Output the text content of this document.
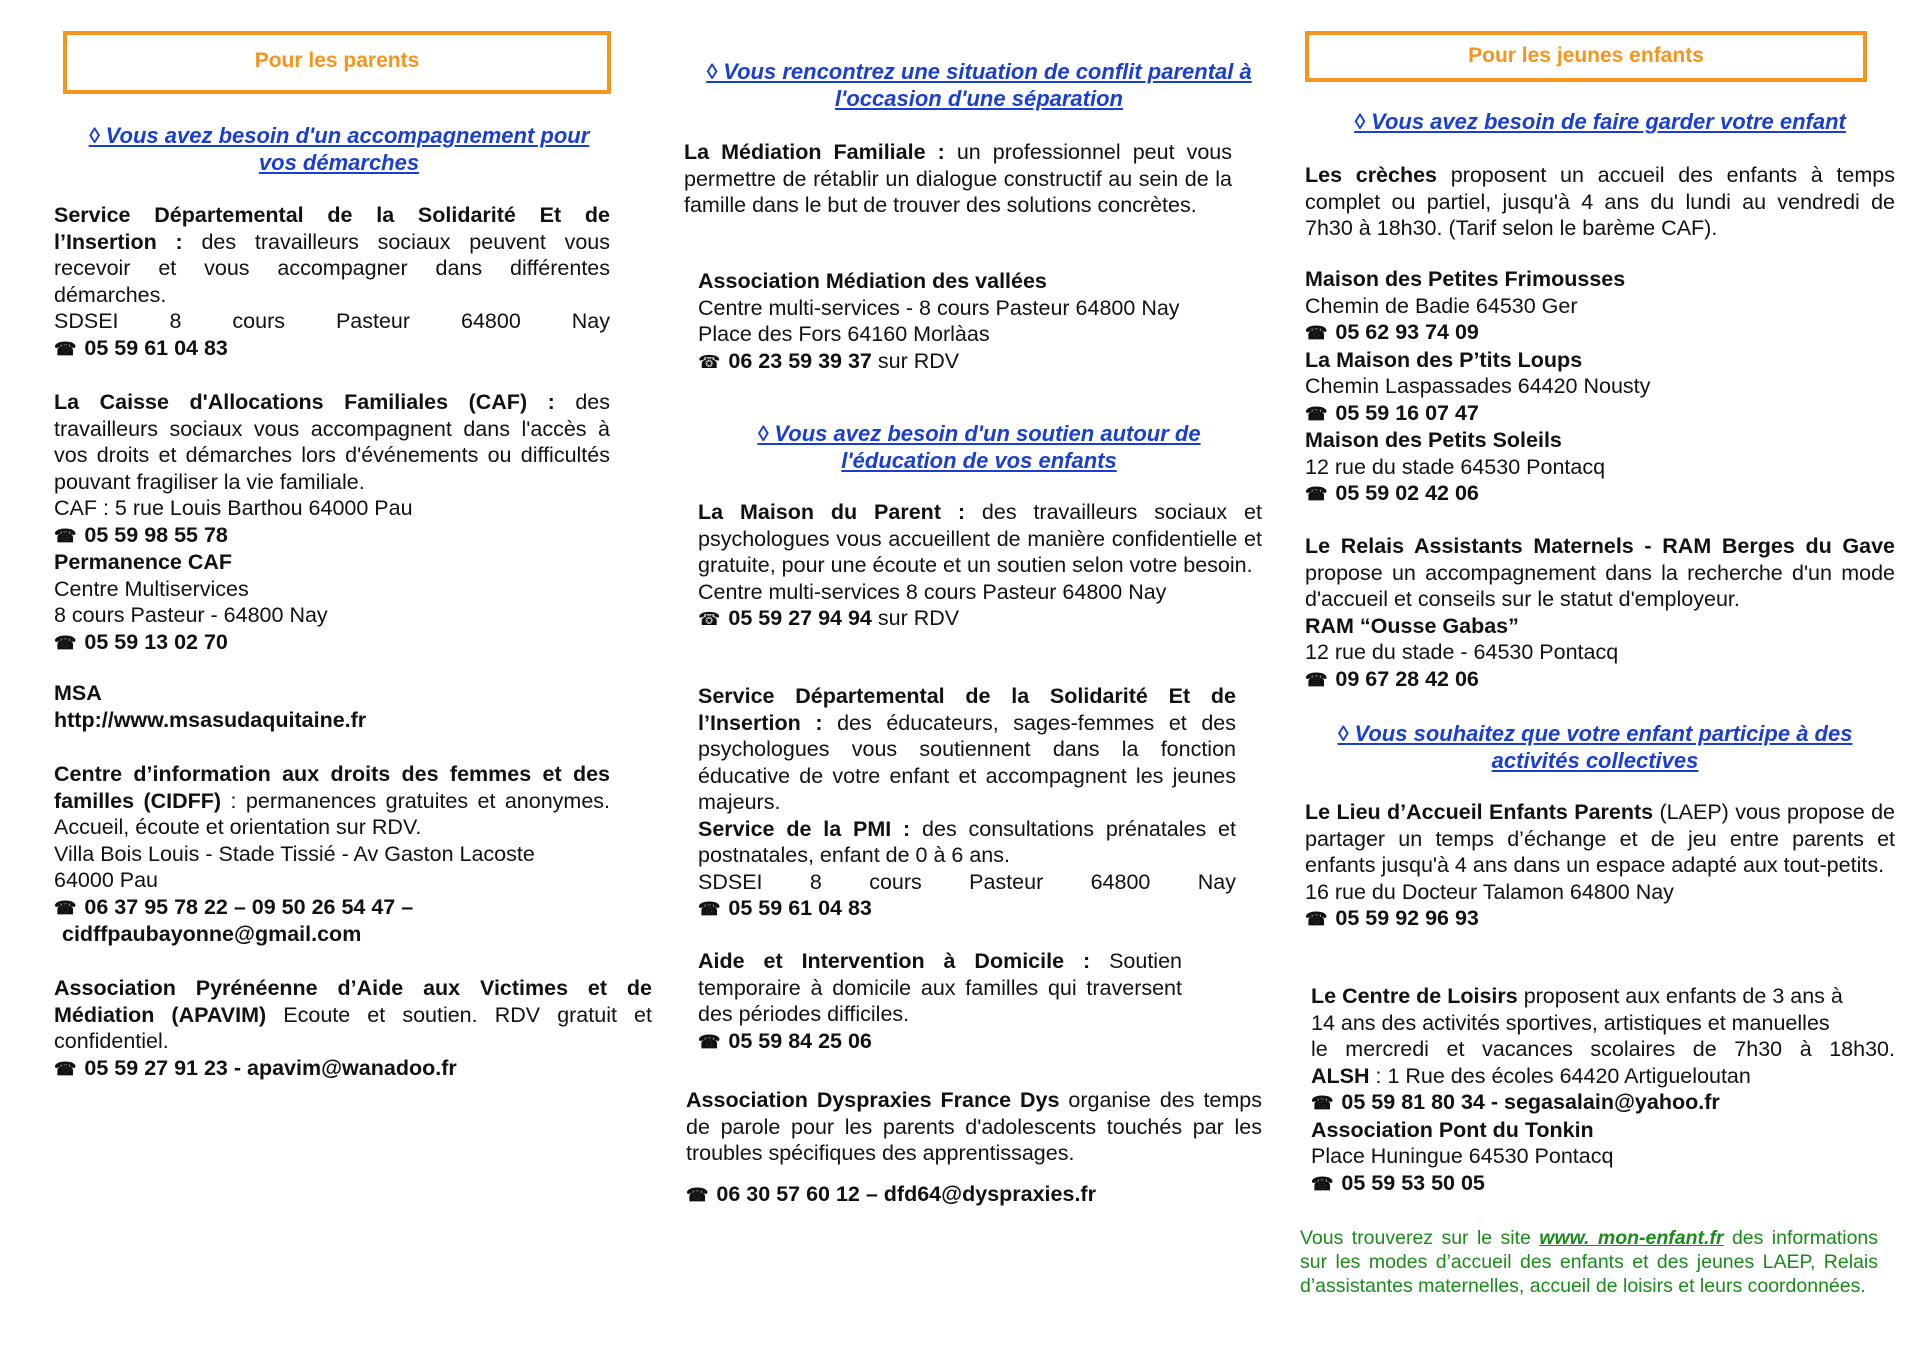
Pour les parents
◊ Vous avez besoin d'un accompagnement pour
vos démarches
Service Départemental de la Solidarité Et de l’Insertion : des travailleurs sociaux peuvent vous recevoir et vous accompagner dans différentes démarches.
SDSEI 8 cours Pasteur 64800 Nay
☎ 05 59 61 04 83
La Caisse d'Allocations Familiales (CAF) : des travailleurs sociaux vous accompagnent dans l'accès à vos droits et démarches lors d'événements ou difficultés pouvant fragiliser la vie familiale.
CAF : 5 rue Louis Barthou 64000 Pau
☎ 05 59 98 55 78
Permanence CAF
Centre Multiservices
8 cours Pasteur - 64800 Nay
☎ 05 59 13 02 70
MSA
http://www.msasudaquitaine.fr
Centre d’information aux droits des femmes et des familles (CIDFF) : permanences gratuites et anonymes. Accueil, écoute et orientation sur RDV.
Villa Bois Louis - Stade Tissié - Av Gaston Lacoste
64000 Pau
☎ 06 37 95 78 22 – 09 50 26 54 47 –
cidffpaubayonne@gmail.com
Association Pyrénéenne d’Aide aux Victimes et de Médiation (APAVIM) Ecoute et soutien. RDV gratuit et confidentiel.
☎ 05 59 27 91 23 - apavim@wanadoo.fr
◊ Vous rencontrez une situation de conflit parental à
l'occasion d'une séparation
La Médiation Familiale : un professionnel peut vous permettre de rétablir un dialogue constructif au sein de la famille dans le but de trouver des solutions concrètes.
Association Médiation des vallées
Centre multi-services - 8 cours Pasteur 64800 Nay
Place des Fors 64160 Morlàas
☎ 06 23 59 39 37 sur RDV
◊ Vous avez besoin d'un soutien autour de
l'éducation de vos enfants
La Maison du Parent : des travailleurs sociaux et psychologues vous accueillent de manière confidentielle et gratuite, pour une écoute et un soutien selon votre besoin.
Centre multi-services 8 cours Pasteur 64800 Nay
☎ 05 59 27 94 94 sur RDV
Service Départemental de la Solidarité Et de l’Insertion : des éducateurs, sages-femmes et des psychologues vous soutiennent dans la fonction éducative de votre enfant et accompagnent les jeunes majeurs.
Service de la PMI : des consultations prénatales et postnatales, enfant de 0 à 6 ans.
SDSEI 8 cours Pasteur 64800 Nay
☎ 05 59 61 04 83
Aide et Intervention à Domicile : Soutien temporaire à domicile aux familles qui traversent des périodes difficiles.
☎ 05 59 84 25 06
Association Dyspraxies France Dys organise des temps de parole pour les parents d'adolescents touchés par les troubles spécifiques des apprentissages.
☎ 06 30 57 60 12 – dfd64@dyspraxies.fr
Pour les jeunes enfants
◊ Vous avez besoin de faire garder votre enfant
Les crèches proposent un accueil des enfants à temps complet ou partiel, jusqu'à 4 ans du lundi au vendredi de 7h30 à 18h30. (Tarif selon le barème CAF).
Maison des Petites Frimousses
Chemin de Badie 64530 Ger
☎ 05 62 93 74 09
La Maison des P’tits Loups
Chemin Laspassades 64420 Nousty
☎ 05 59 16 07 47
Maison des Petits Soleils
12 rue du stade 64530 Pontacq
☎ 05 59 02 42 06
Le Relais Assistants Maternels - RAM Berges du Gave propose un accompagnement dans la recherche d'un mode d'accueil et conseils sur le statut d'employeur.
RAM “Ousse Gabas”
12 rue du stade - 64530 Pontacq
☎ 09 67 28 42 06
◊ Vous souhaitez que votre enfant participe à des
activités collectives
Le Lieu d’Accueil Enfants Parents (LAEP) vous propose de partager un temps d’échange et de jeu entre parents et enfants jusqu'à 4 ans dans un espace adapté aux tout-petits.
16 rue du Docteur Talamon 64800 Nay
☎ 05 59 92 96 93
Le Centre de Loisirs proposent aux enfants de 3 ans à
14 ans des activités sportives, artistiques et manuelles
le mercredi et vacances scolaires de 7h30 à 18h30.
ALSH : 1 Rue des écoles 64420 Artigueloutan
☎ 05 59 81 80 34 - segasalain@yahoo.fr
Association Pont du Tonkin
Place Huningue 64530 Pontacq
☎ 05 59 53 50 05
Vous trouverez sur le site www. mon-enfant.fr des informations sur les modes d’accueil des enfants et des jeunes LAEP, Relais d’assistantes maternelles, accueil de loisirs et leurs coordonnées.
